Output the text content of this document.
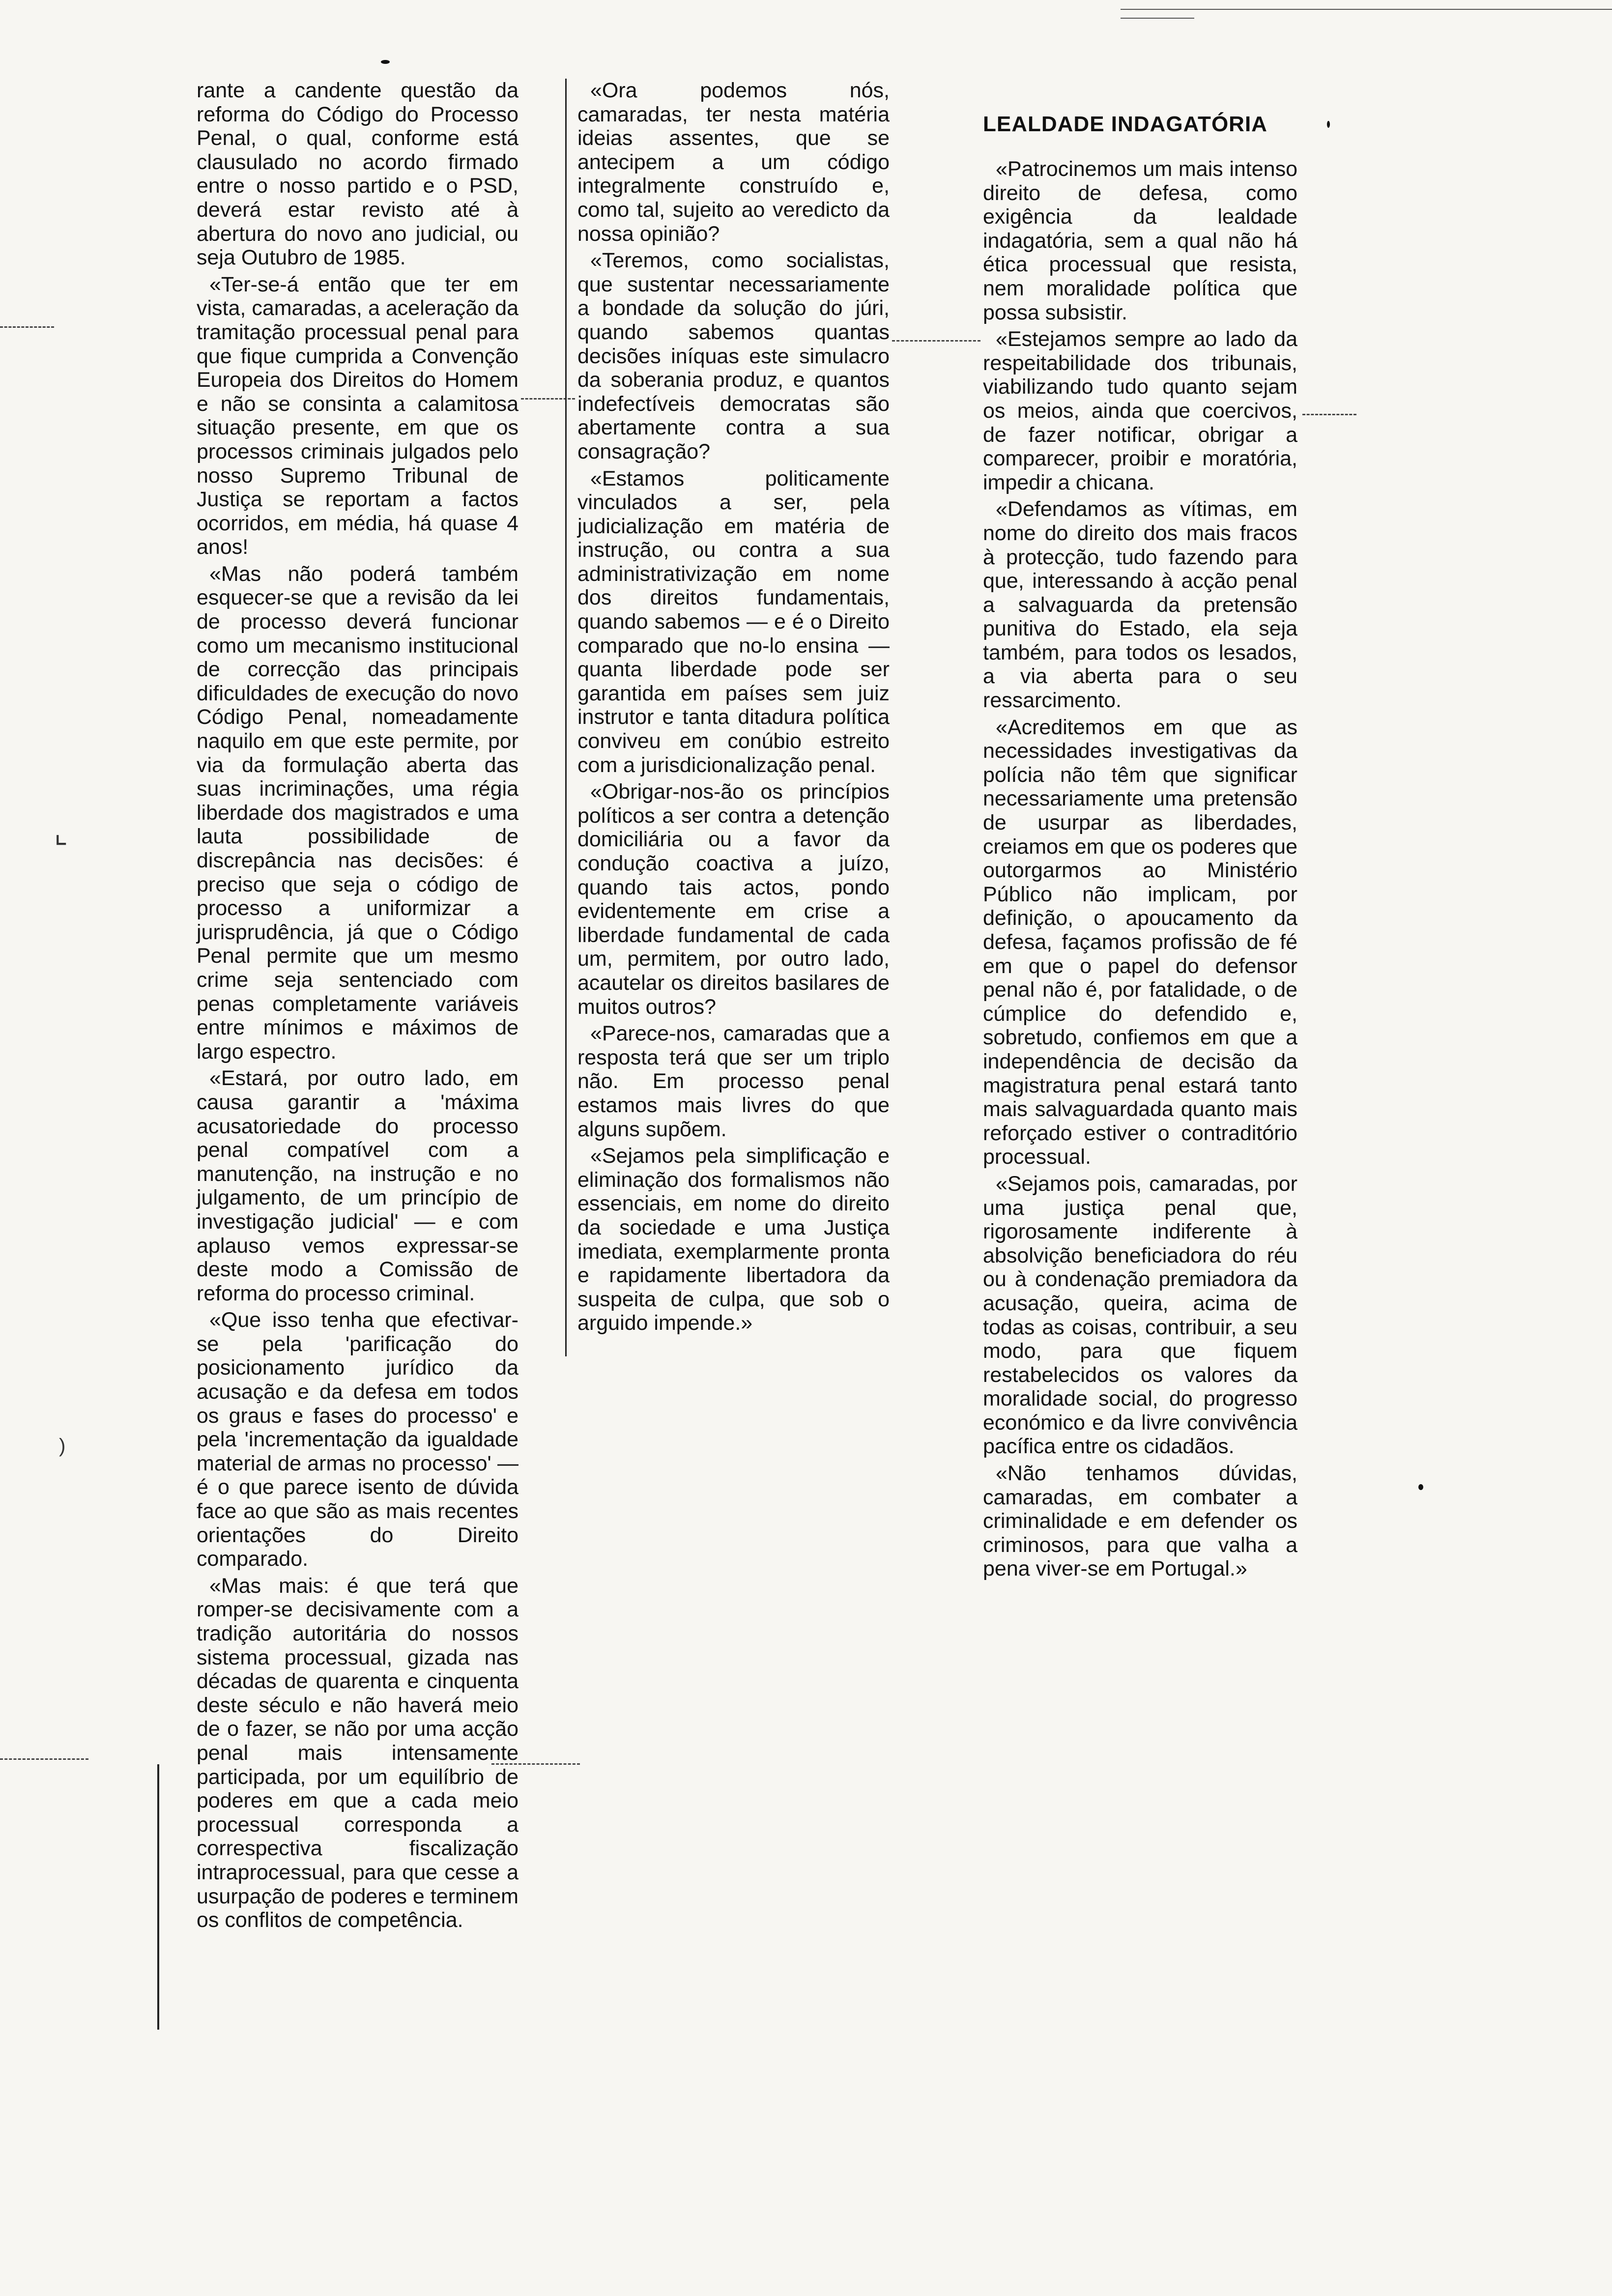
⌞
)

rante a candente questão da reforma do Código do Processo Penal, o qual, conforme está clausulado no acordo firmado entre o nosso partido e o PSD, deverá estar revisto até à abertura do novo ano judicial, ou seja Outubro de 1985.

«Ter-se-á então que ter em vista, camaradas, a aceleração da tramitação processual penal para que fique cumprida a Convenção Europeia dos Direitos do Homem e não se consinta a calamitosa situação presente, em que os processos criminais julgados pelo nosso Supremo Tribunal de Justiça se reportam a factos ocorridos, em média, há quase 4 anos!

«Mas não poderá também esquecer-se que a revisão da lei de processo deverá funcionar como um mecanismo institucional de correcção das principais dificuldades de execução do novo Código Penal, nomeadamente naquilo em que este permite, por via da formulação aberta das suas incriminações, uma régia liberdade dos magistrados e uma lauta possibilidade de discrepância nas decisões: é preciso que seja o código de processo a uniformizar a jurisprudência, já que o Código Penal permite que um mesmo crime seja sentenciado com penas completamente variáveis entre mínimos e máximos de largo espectro.

«Estará, por outro lado, em causa garantir a 'máxima acusatoriedade do processo penal compatível com a manutenção, na instrução e no julgamento, de um princípio de investigação judicial' — e com aplauso vemos expressar-se deste modo a Comissão de reforma do processo criminal.

«Que isso tenha que efectivar-se pela 'parificação do posicionamento jurídico da acusação e da defesa em todos os graus e fases do processo' e pela 'incrementação da igualdade material de armas no processo' — é o que parece isento de dúvida face ao que são as mais recentes orientações do Direito comparado.

«Mas mais: é que terá que romper-se decisivamente com a tradição autoritária do nossos sistema processual, gizada nas décadas de quarenta e cinquenta deste século e não haverá meio de o fazer, se não por uma acção penal mais intensamente participada, por um equilíbrio de poderes em que a cada meio processual corresponda a correspectiva fiscalização intraprocessual, para que cesse a usurpação de poderes e terminem os conflitos de competência.

«Ora podemos nós, camaradas, ter nesta matéria ideias assentes, que se antecipem a um código integralmente construído e, como tal, sujeito ao veredicto da nossa opinião?

«Teremos, como socialistas, que sustentar necessariamente a bondade da solução do júri, quando sabemos quantas decisões iníquas este simulacro da soberania produz, e quantos indefectíveis democratas são abertamente contra a sua consagração?

«Estamos politicamente vinculados a ser, pela judicialização em matéria de instrução, ou contra a sua administrativização em nome dos direitos fundamentais, quando sabemos — e é o Direito comparado que no-lo ensina — quanta liberdade pode ser garantida em países sem juiz instrutor e tanta ditadura política conviveu em conúbio estreito com a jurisdicionalização penal.

«Obrigar-nos-ão os princípios políticos a ser contra a detenção domiciliária ou a favor da condução coactiva a juízo, quando tais actos, pondo evidentemente em crise a liberdade fundamental de cada um, permitem, por outro lado, acautelar os direitos basilares de muitos outros?

«Parece-nos, camaradas que a resposta terá que ser um triplo não. Em processo penal estamos mais livres do que alguns supõem.

«Sejamos pela simplificação e eliminação dos formalismos não essenciais, em nome do direito da sociedade e uma Justiça imediata, exemplarmente pronta e rapidamente libertadora da suspeita de culpa, que sob o arguido impende.»

LEALDADE INDAGATÓRIA

«Patrocinemos um mais intenso direito de defesa, como exigência da lealdade indagatória, sem a qual não há ética processual que resista, nem moralidade política que possa subsistir.

«Estejamos sempre ao lado da respeitabilidade dos tribunais, viabilizando tudo quanto sejam os meios, ainda que coercivos, de fazer notificar, obrigar a comparecer, proibir e moratória, impedir a chicana.

«Defendamos as vítimas, em nome do direito dos mais fracos à protecção, tudo fazendo para que, interessando à acção penal a salvaguarda da pretensão punitiva do Estado, ela seja também, para todos os lesados, a via aberta para o seu ressarcimento.

«Acreditemos em que as necessidades investigativas da polícia não têm que significar necessariamente uma pretensão de usurpar as liberdades, creiamos em que os poderes que outorgarmos ao Ministério Público não implicam, por definição, o apoucamento da defesa, façamos profissão de fé em que o papel do defensor penal não é, por fatalidade, o de cúmplice do defendido e, sobretudo, confiemos em que a independência de decisão da magistratura penal estará tanto mais salvaguardada quanto mais reforçado estiver o contraditório processual.

«Sejamos pois, camaradas, por uma justiça penal que, rigorosamente indiferente à absolvição beneficiadora do réu ou à condenação premiadora da acusação, queira, acima de todas as coisas, contribuir, a seu modo, para que fiquem restabelecidos os valores da moralidade social, do progresso económico e da livre convivência pacífica entre os cidadãos.

«Não tenhamos dúvidas, camaradas, em combater a criminalidade e em defender os criminosos, para que valha a pena viver-se em Portugal.»
